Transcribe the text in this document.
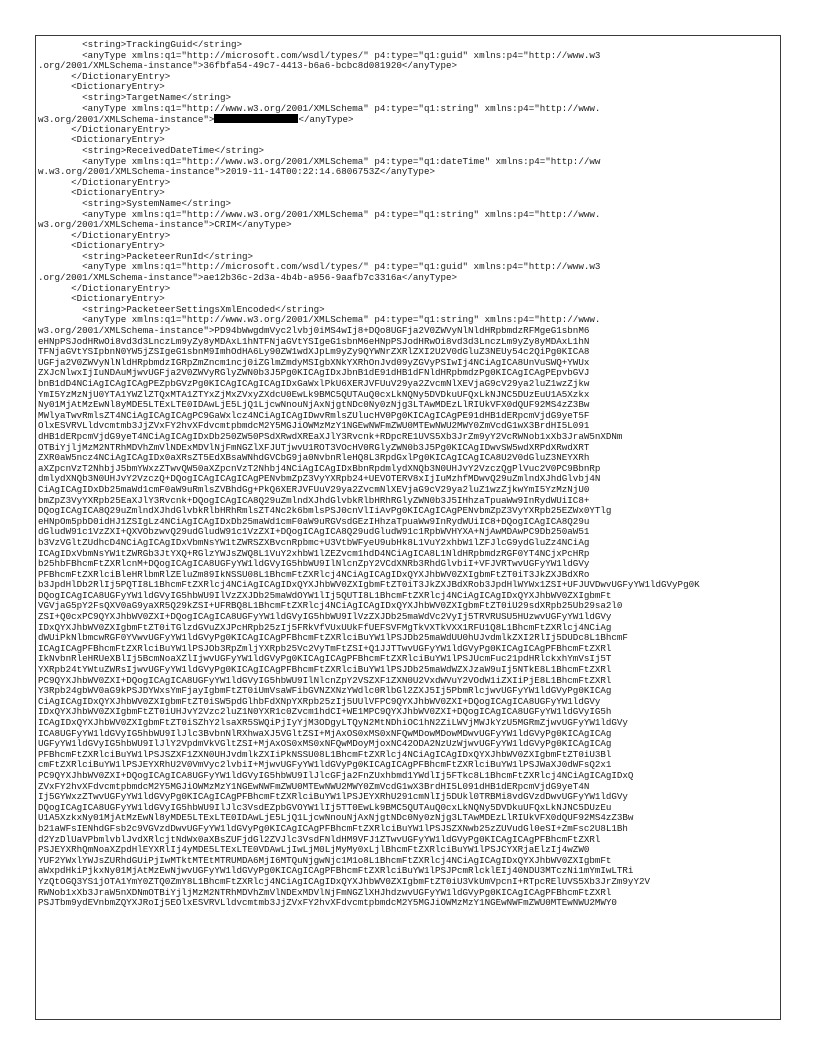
<string>TrackingGuid</string>
<anyType xmlns:q1="http://microsoft.com/wsdl/types/" p4:type="q1:guid" xmlns:p4="http://www.w3
.org/2001/XMLSchema-instance">36fbfa54-49c7-4413-b6a6-bcbc8d081920</anyType>
</DictionaryEntry>
<DictionaryEntry>
<string>TargetName</string>
<anyType xmlns:q1="http://www.w3.org/2001/XMLSchema" p4:type="q1:string" xmlns:p4="http://www.
w3.org/2001/XMLSchema-instance">	</anyType>
</DictionaryEntry>
<DictionaryEntry>
<string>ReceivedDateTime</string>
<anyType xmlns:q1="http://www.w3.org/2001/XMLSchema" p4:type="q1:dateTime" xmlns:p4="http://ww
w.w3.org/2001/XMLSchema-instance">2019-11-14T00:22:14.6806753Z</anyType>
</DictionaryEntry>
<DictionaryEntry>
<string>SystemName</string>
<anyType xmlns:q1="http://www.w3.org/2001/XMLSchema" p4:type="q1:string" xmlns:p4="http://www.
w3.org/2001/XMLSchema-instance">CRIM</anyType>
</DictionaryEntry>
<DictionaryEntry>
<string>PacketeerRunId</string>
<anyType xmlns:q1="http://microsoft.com/wsdl/types/" p4:type="q1:guid" xmlns:p4="http://www.w3
.org/2001/XMLSchema-instance">ae12b36c-2d3a-4b4b-a956-9aafb7c3316a</anyType>
</DictionaryEntry>
<DictionaryEntry>
<string>PacketeerSettingsXmlEncoded</string>
<anyType xmlns:q1="http://www.w3.org/2001/XMLSchema" p4:type="q1:string" xmlns:p4="http://www.
w3.org/2001/XMLSchema-instance">PD94bWwgdmVyc2lvbj0iMS4wIj8+DQo8UGFja2V0ZWVyNlNldHRpbmdzRFMgeG1sbnM6
eHNpPSJodHRwOi8vd3d3LnczLm9yZy8yMDAxL1hNTFNjaGVtYSIgeG1sbnM6eHNpPSJodHRwOi8vd3d3LnczLm9yZy8yMDAxL1hN
TFNjaGVtYSIpbnN0YW5jZSIgeG1sbnM9ImhOdHA6Ly90ZW1wdXJpLm9yZy9QYWNrZXRlZXI2U2V0dGluZ3NEUy54c2QiPg0KICA8
UGFja2V0ZWVyNlNldHRpbmdzIGRpZmZncm1ncj0iZGlmZmdyMSIgbXNkYXRhOnJvd09yZGVyPSIwIj4NCiAgICA8UnVuSWQ+YWUx
ZXJcNlwxIjIuNDAuMjwvUGFja2V0ZWVyRGlyZWN0b3J5Pg0KICAgIDxJbnB1dE91dHB1dFNldHRpbmdzPg0KICAgICAgPEpvbGVJ
bnB1dD4NCiAgICAgICAgPEZpbGVzPg0KICAgICAgICAgIDxGaWxlPkU6XERJVFUuV29ya2ZvcmNlXEVjaG9cV29ya2luZ1wzZjkw
YmI5YzMzNjU0YTA1YWZlZTQxMTA1ZTYxZjMxZVxyZXdcU0EwLk9BMC5QUTAuQ0cxLkNQNy5DVDkuUFQxLkNJNC5DUzEuU1A5Xzkx
Ny01MjAtMzEwNl8yMDE5LTExLTE0IDAwLjE5LjQ1LjcwNnouNjAxNjgtNDc0Ny0zNjg3LTAwMDEzLlRIUkVFX0dQUF92MS4zZ3Bw
MWlyaTwvRmlsZT4NCiAgICAgICAgPC9GaWxlcz4NCiAgICAgIDwvRmlsZUlucHV0Pg0KICAgICAgPE91dHB1dERpcmVjdG9yeT5F
OlxESVRVLldvcmtmb3JjZVxFY2hvXFdvcmtpbmdcM2Y5MGJiOWMzMzY1NGEwNWFmZWU0MTEwNWU2MWY0ZmVcdG1wX3BrdHI5L091
dHB1dERpcmVjdG9yeT4NCiAgICAgIDxDb250ZW50PSdXRwdXREaXJlY3Rvcnk+RDpcRE1UVS5Xb3JrZm9yY2VcRWNob1xXb3JraW5nXDNm
OTBiYjljMzM2NTRhMDVhZmVlNDExMDVlNjFmNGZlXFJUTjwvU1ROT3VOcHV0RGlyZWN0b3J5Pg0KICAgIDwvSW5wdXRPdXRwdXRT
ZXR0aW5ncz4NCiAgICAgIDx0aXRsZT5EdXBsaWNhdGVCbG9ja0NvbnRleHQ8L3RpdGxlPg0KICAgICAgICA8U2V0dGluZ3NEYXRh
aXZpcnVzT2NhbjJ5bmYWxzZTwvQW50aXZpcnVzT2Nhbj4NCiAgICAgIDxBbnRpdmlydXNQb3N0UHJvY2VzczQgPlVuc2V0PC9BbnRp
dmlydXNQb3N0UHJvY2VzczQ+DQogICAgICAgICAgPENvbmZpZ3VyYXRpb24+UEVOTERV8xIjIuMzhfMDwvQ29uZmlndXJhdGlvbj4N
CiAgICAgIDxDb25maWd1cmF0aW9uRmlsZVBhdGg+PkQ6XERJVFUuV29ya2ZvcmNlXEVjaG9cV29ya2luZ1wzZjkwYmI5YzMzNjU0
bmZpZ3VyYXRpb25EaXJlY3Rvcnk+DQogICAgICA8Q29uZmlndXJhdGlvbkRlbHRhRGlyZWN0b3J5IHhzaTpuaWw9InRydWUiIC8+
DQogICAgICA8Q29uZmlndXJhdGlvbkRlbHRhRmlsZT4Nc2k6bmlsPSJ0cnVlIiAvPg0KICAgICAgPENvbmZpZ3VyYXRpb25EZWx0YTlg
eHNpOm5pbD0idHJ1ZSIgLz4NCiAgICAgIDxDb25maWd1cmF0aW9uRGVsdGEzIHhzaTpuaWw9InRydWUiIC8+DQogICAgICA8Q29u
dGludW91c1VzZXI+QXVObzwvQ29udGludW91c1VzZXI+DQogICAgICA8Q29udGludW91c1RpbWVHYXA+NjAwMDAwPC9Db250aW51
b3VzVGltZUdhcD4NCiAgICAgIDxVbmNsYW1tZWRSZXBvcnRpbmc+U3VtbWFyeU9ubHk8L1VuY2xhbW1lZFJlcG9ydGluZz4NCiAg
ICAgIDxVbmNsYW1tZWRGb3JtYXQ+RGlzYWJsZWQ8L1VuY2xhbW1lZEZvcm1hdD4NCiAgICA8L1NldHRpbmdzRGF0YT4NCjxPcHRp
b25hbFBhcmFtZXRlcnM+DQogICAgICA8UGFyYW1ldGVyIG5hbWU9IlNlcnZpY2VCdXNRb3RhdGlvbiI+VFJVRTwvUGFyYW1ldGVy
PFBhcmFtZXRlciBleHRlbmRlZEluZm89IkNSSU08L1BhcmFtZXRlcj4NCiAgICAgIDxQYXJhbWV0ZXIgbmFtZT0iT3JkZXJBdXRo
b3JpdHlDb2RlIj5PQTI8L1BhcmFtZXRlcj4NCiAgICAgIDxQYXJhbWV0ZXIgbmFtZT0iT3JkZXJBdXRob3JpdHlWYWx1ZSI+UFJUVDwvUGFyYW1ldGVyPg0K
DQogICAgICA8UGFyYW1ldGVyIG5hbWU9IlVzZXJDb25maWdOYW1lIj5QUTI8L1BhcmFtZXRlcj4NCiAgICAgIDxQYXJhbWV0ZXIgbmFt
VGVjaG5pY2FsQXV0aG9yaXR5Q29kZSI+UFRBQ8L1BhcmFtZXRlcj4NCiAgICAgIDxQYXJhbWV0ZXIgbmFtZT0iU29sdXRpb25Ub29sa2l0
ZSI+Q0cxPC9QYXJhbWV0ZXI+DQogICAgICA8UGFyYW1ldGVyIG5hbWU9IlVzZXJDb25maWdVc2VyIj5TRVRUSU5HUzwvUGFyYW1ldGVy
IDxQYXJhbWV0ZXIgbmFtZT0iTGlzdGVuZXJPcHRpb25zIj5FRkVfVUxUUkFfUEFSVFMgTkVXTkVXX1RFU1Q8L1BhcmFtZXRlcj4NCiAg
dWUiPkNlbmcwRGF0YVwvUGFyYW1ldGVyPg0KICAgICAgPFBhcmFtZXRlciBuYW1lPSJDb25maWdUU0hUJvdmlkZXI2RlIj5DUDc8L1BhcmF
ICAgICAgPFBhcmFtZXRlciBuYW1lPSJOb3RpZmljYXRpb25Vc2VyTmFtZSI+Q1JJTTwvUGFyYW1ldGVyPg0KICAgICAgPFBhcmFtZXRl
IkNvbnRleHRUeXBlIj5BcmNoaXZlIjwvUGFyYW1ldGVyPg0KICAgICAgPFBhcmFtZXRlciBuYW1lPSJUcmFuc21pdHRlckxhYmVsIj5T
YXRpb24tYWtuZWRsIjwvUGFyYW1ldGVyPg0KICAgICAgPFBhcmFtZXRlciBuYW1lPSJDb25maWdWZXJzaW9uIj5NTkE8L1BhcmFtZXRl
PC9QYXJhbWV0ZXI+DQogICAgICA8UGFyYW1ldGVyIG5hbWU9IlNlcnZpY2VSZXF1ZXN0U2VxdWVuY2VOdW1iZXIiPjE8L1BhcmFtZXRl
Y3Rpb24gbWV0aG9kPSJDYWxsYmFjayIgbmFtZT0iUmVsaWFibGVNZXNzYWdlc0RlbGl2ZXJ5Ij5PbmRlcjwvUGFyYW1ldGVyPg0KICAg
CiAgICAgIDxQYXJhbWV0ZXIgbmFtZT0iSW5pdGlhbFdXNpYXRpb25zIj5UUlVFPC9QYXJhbWV0ZXI+DQogICAgICA8UGFyYW1ldGVy
IDxQYXJhbWV0ZXIgbmFtZT0iUHJvY2Vzc2luZ1N0YXR1c0Zvcm1hdCI+WE1MPC9QYXJhbWV0ZXI+DQogICAgICA8UGFyYW1ldGVyIG5h
ICAgIDxQYXJhbWV0ZXIgbmFtZT0iSZhY2lsaXR5SWQiPjIyYjM3ODgyLTQyN2MtNDhiOC1hN2ZiLWVjMWJkYzU5MGRmZjwvUGFyYW1ldGVy
ICA8UGFyYW1ldGVyIG5hbWU9IlJlc3BvbnNlRXhwaXJ5VGltZSI+MjAxOS0xMS0xNFQwMDowMDowMDwvUGFyYW1ldGVyPg0KICAgICAg
UGFyYW1ldGVyIG5hbWU9IlJlY2VpdmVkVGltZSI+MjAxOS0xMS0xNFQwMDoyMjoxNC42ODA2NzUzWjwvUGFyYW1ldGVyPg0KICAgICAg
PFBhcmFtZXRlciBuYW1lPSJSZXF1ZXN0UHJvdmlkZXIiPkNSSU08L1BhcmFtZXRlcj4NCiAgICAgIDxQYXJhbWV0ZXIgbmFtZT0iU3Bl
cmFtZXRlciBuYW1lPSJEYXRhU2V0VmVyc2lvbiI+MjwvUGFyYW1ldGVyPg0KICAgICAgPFBhcmFtZXRlciBuYW1lPSJWaXJ0dWFsQ2x1
PC9QYXJhbWV0ZXI+DQogICAgICA8UGFyYW1ldGVyIG5hbWU9IlJlcGFja2FnZUxhbmd1YWdlIj5FTkc8L1BhcmFtZXRlcj4NCiAgICAgIDxQ
ZVxFY2hvXFdvcmtpbmdcM2Y5MGJiOWMzMzY1NGEwNWFmZWU0MTEwNWU2MWY0ZmVcdG1wX3BrdHI5L091dHB1dERpcmVjdG9yeT4N
Ij5GYWxzZTwvUGFyYW1ldGVyPg0KICAgICAgPFBhcmFtZXRlciBuYW1lPSJEYXRhU291cmNlIj5DUkl0TRBMi8vdGVzdDwvUGFyYW1ldGVy
DQogICAgICA8UGFyYW1ldGVyIG5hbWU9IlJlc3VsdEZpbGVOYW1lIj5TT0EwLk9BMC5QUTAuQ0cxLkNQNy5DVDkuUFQxLkNJNC5DUzEu
U1A5XzkxNy01MjAtMzEwNl8yMDE5LTExLTE0IDAwLjE5LjQ1LjcwNnouNjAxNjgtNDc0Ny0zNjg3LTAwMDEzLlRIUkVFX0dQUF92MS4zZ3Bw
b21aWFsIENhdGFsb2c9VGVzdDwvUGFyYW1ldGVyPg0KICAgICAgPFBhcmFtZXRlciBuYW1lPSJSZXNwb25zZUVudGl0eSI+ZmFsc2U8L1Bh
d2YzDlUaVPbmlvblJvdXRlcjtNdWx0aXBsZUFjdGl2ZVJlc3VsdFNldHM9VFJ1ZTwvUGFyYW1ldGVyPg0KICAgICAgPFBhcmFtZXRl
PSJEYXRhQmNoaXZpdHlEYXRlIj4yMDE5LTExLTE0VDAwLjIwLjM0LjMyMy0xLjlBhcmFtZXRlciBuYW1lPSJCYXRjaElzIj4wZW0
YUF2YWxlYWJsZURhdGUiPjIwMTktMTEtMTRUMDA6MjI6MTQuNjgwNjc1M1o8L1BhcmFtZXRlcj4NCiAgICAgIDxQYXJhbWV0ZXIgbmFt
aWxpdHkiPjkxNy01MjAtMzEwNjwvUGFyYW1ldGVyPg0KICAgICAgPFBhcmFtZXRlciBuYW1lPSJPcmRlcklEIj40NDU3MTczNi1mYmIwLTRi
YzQtOGQ3YS1jOTA1YmY0ZTQ0ZmY8L1BhcmFtZXRlcj4NCiAgICAgIDxQYXJhbWV0ZXIgbmFtZT0iU3VkUmVpcnI+RTpcRElUVS5Xb3JrZm9yY2V
RWNob1xXb3JraW5nXDNmOTBiYjljMzM2NTRhMDVhZmVlNDExMDVlNjFmNGZlXHJhdzwvUGFyYW1ldGVyPg0KICAgICAgPFBhcmFtZXRl
PSJTbm9ydEVnbmZQYXJRoIj5EOlxESVRVLldvcmtmb3JjZVxFY2hvXFdvcmtpbmdcM2Y5MGJiOWMzMzY1NGEwNWFmZWU0MTEwNWU2MWY0
